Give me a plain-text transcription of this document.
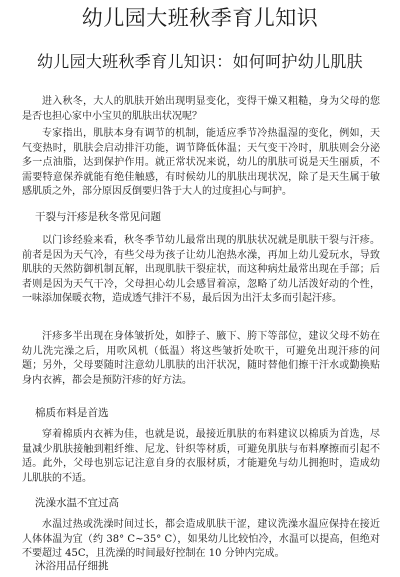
幼儿园大班秋季育儿知识
幼儿园大班秋季育儿知识：如何呵护幼儿肌肤

进入秋冬，大人的肌肤开始出现明显变化，变得干燥又粗糙，身为父母的您是否也担心家中小宝贝的肌肤出状况呢？

专家指出，肌肤本身有调节的机制，能适应季节冷热温湿的变化，例如，天气变热时，肌肤会启动排汗功能，调节降低体温；天气变干冷时，肌肤则会分泌多一点油脂，达到保护作用。就正常状况来说，幼儿的肌肤可说是天生丽质，不需要特意保养就能有绝佳触感，有时候幼儿的肌肤出现状况，除了是天生属于敏感肌质之外，部分原因反倒要归咎于大人的过度担心与呵护。

干裂与汗疹是秋冬常见问题

以门诊经验来看，秋冬季节幼儿最常出现的肌肤状况就是肌肤干裂与汗疹。前者是因为天气冷，有些父母为孩子让幼儿泡热水澡，再加上幼儿爱玩水，导致肌肤的天然防御机制瓦解，出现肌肤干裂症状，而这种病灶最常出现在手部；后者则是因为天气干冷，父母担心幼儿会感冒着凉，忽略了幼儿活泼好动的个性，一味添加保暖衣物，造成透气排汗不易，最后因为出汗太多而引起汗疹。

汗疹多半出现在身体皱折处，如脖子、腋下、胯下等部位，建议父母不妨在幼儿洗完澡之后，用吹风机（低温）将这些皱折处吹干，可避免出现汗疹的问题；另外，父母要随时注意幼儿肌肤的出汗状况，随时替他们擦干汗水或勤换贴身内衣裤，都会是预防汗疹的好方法。

棉质布料是首选

穿着棉质内衣裤为佳，也就是说，最接近肌肤的布料建议以棉质为首选，尽量减少肌肤接触到粗纤维、尼龙、针织等材质，可避免肌肤与布料摩擦而引起不适。此外，父母也别忘记注意自身的衣服材质，才能避免与幼儿拥抱时，造成幼儿肌肤的不适。

洗澡水温不宜过高

水温过热或洗澡时间过长，都会造成肌肤干涩，建议洗澡水温应保持在接近人体体温为宜（约 38° C~35° C），如果幼儿比较怕冷，水温可以提高，但绝对不要超过 45C，且洗澡的时间最好控制在 10 分钟内完成。

沐浴用品仔细挑
